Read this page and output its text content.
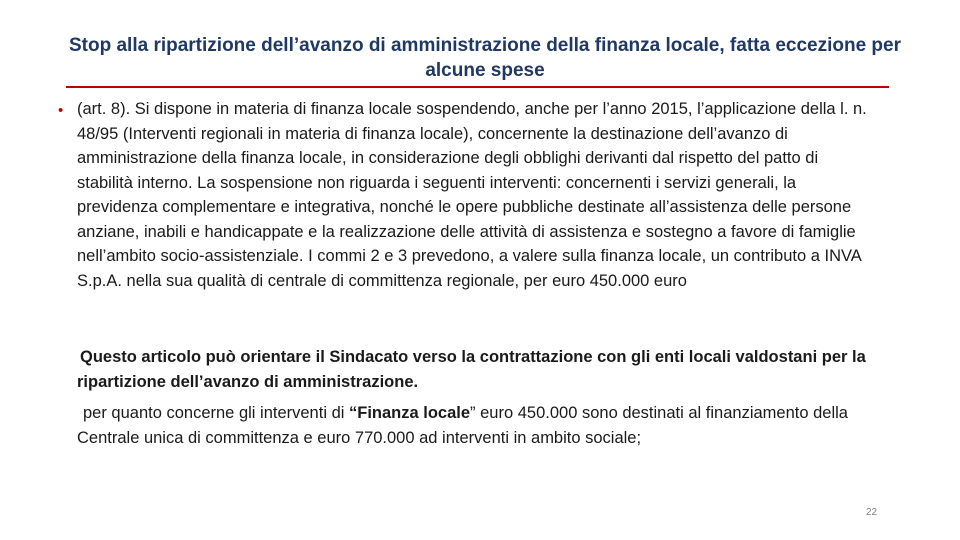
Stop alla ripartizione dell’avanzo di amministrazione della finanza locale, fatta eccezione per alcune spese
• (art. 8). Si dispone in materia di finanza locale sospendendo, anche per l’anno 2015, l’applicazione della l. n. 48/95 (Interventi regionali in materia di finanza locale), concernente la destinazione dell’avanzo di amministrazione della finanza locale, in considerazione degli obblighi derivanti dal rispetto del patto di stabilità interno. La sospensione non riguarda i seguenti interventi: concernenti i servizi generali, la previdenza complementare e integrativa, nonché le opere pubbliche destinate all’assistenza delle persone anziane, inabili e handicappate e la realizzazione delle attività di assistenza e sostegno a favore di famiglie nell’ambito socio-assistenziale. I commi 2 e 3 prevedono, a valere sulla finanza locale, un contributo a INVA S.p.A. nella sua qualità di centrale di committenza regionale, per euro 450.000 euro
Questo articolo può orientare il Sindacato verso la contrattazione con gli enti locali valdostani per la ripartizione dell’avanzo di amministrazione.
per quanto concerne gli interventi di “Finanza locale” euro 450.000 sono destinati al finanziamento della Centrale unica di committenza e euro 770.000 ad interventi in ambito sociale;
22
